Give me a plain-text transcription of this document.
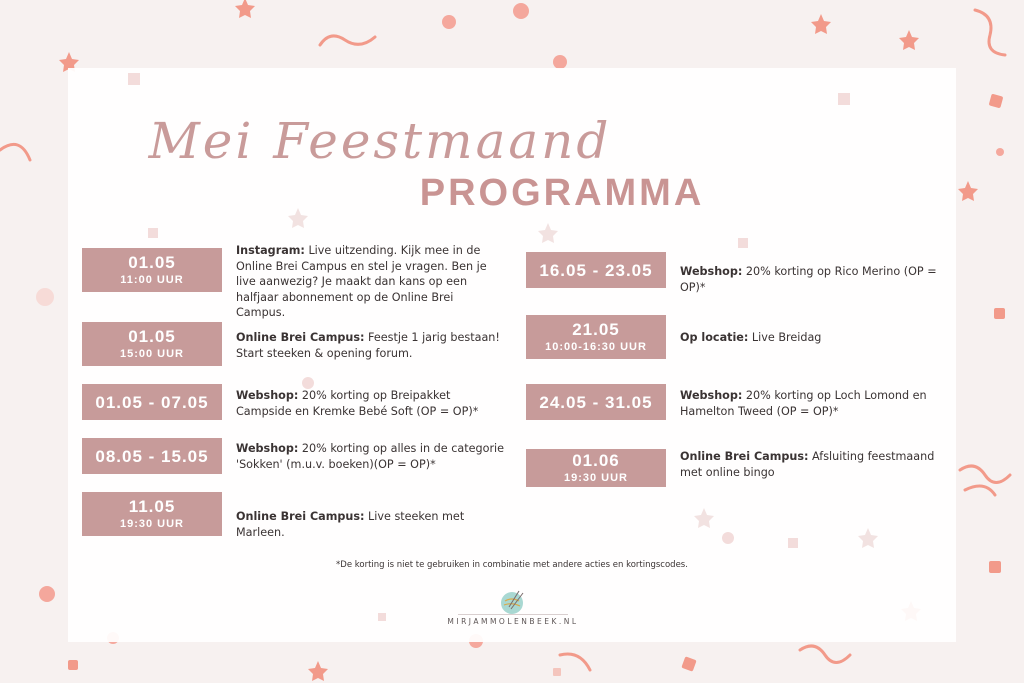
Mei Feestmaand
PROGRAMMA
01.05
11:00 UUR
Instagram: Live uitzending. Kijk mee in de Online Brei Campus en stel je vragen. Ben je live aanwezig? Je maakt dan kans op een halfjaar abonnement op de Online Brei Campus.
01.05
15:00 UUR
Online Brei Campus: Feestje 1 jarig bestaan! Start steeken & opening forum.
01.05 - 07.05 Webshop: 20% korting op Breipakket Campside en Kremke Bebé Soft (OP = OP)*
08.05 - 15.05 Webshop: 20% korting op alles in de categorie 'Sokken' (m.u.v. boeken)(OP = OP)*
11.05
19:30 UUR
Online Brei Campus: Live steeken met Marleen.
16.05 - 23.05 Webshop: 20% korting op Rico Merino (OP = OP)*
21.05
10:00-16:30 UUR
Op locatie: Live Breidag
24.05 - 31.05 Webshop: 20% korting op Loch Lomond en Hamelton Tweed (OP = OP)*
01.06
19:30 UUR
Online Brei Campus: Afsluiting feestmaand met online bingo
*De korting is niet te gebruiken in combinatie met andere acties en kortingscodes.
MIRJAMMOLENBEEK.NL
